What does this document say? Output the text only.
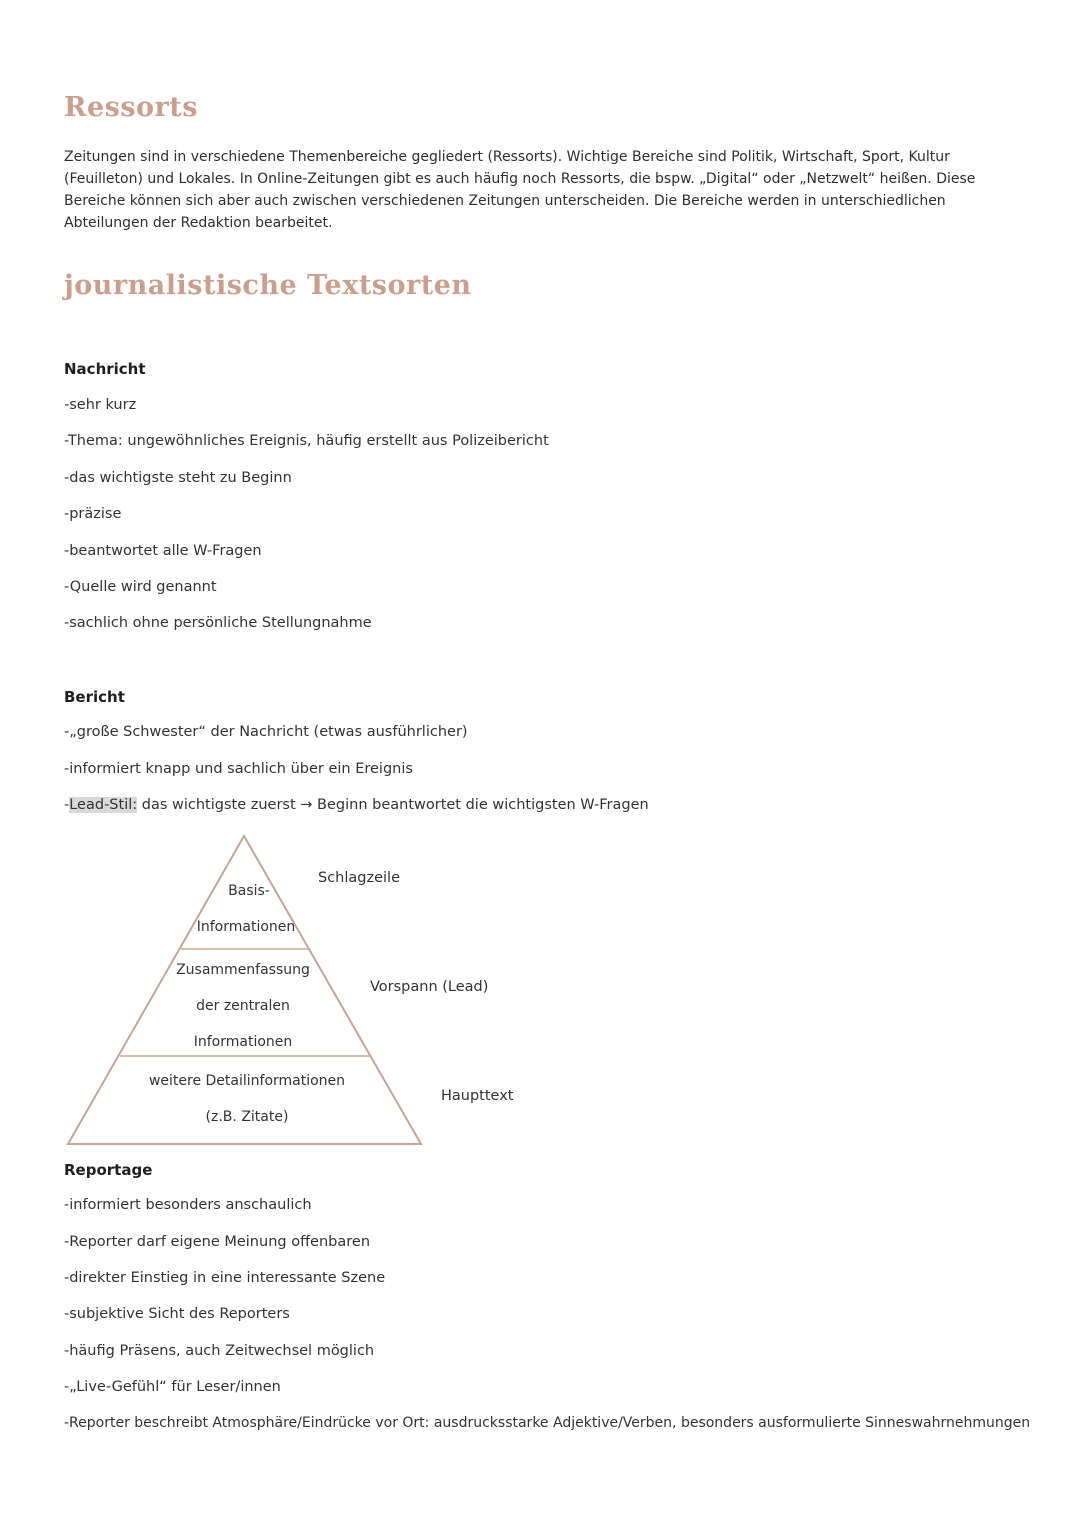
Ressorts
Zeitungen sind in verschiedene Themenbereiche gegliedert (Ressorts). Wichtige Bereiche sind Politik, Wirtschaft, Sport, Kultur (Feuilleton) und Lokales. In Online-Zeitungen gibt es auch häufig noch Ressorts, die bspw. „Digital“ oder „Netzwelt“ heißen. Diese Bereiche können sich aber auch zwischen verschiedenen Zeitungen unterscheiden. Die Bereiche werden in unterschiedlichen Abteilungen der Redaktion bearbeitet.
journalistische Textsorten
Nachricht
-sehr kurz
-Thema: ungewöhnliches Ereignis, häufig erstellt aus Polizeibericht
-das wichtigste steht zu Beginn
-präzise
-beantwortet alle W-Fragen
-Quelle wird genannt
-sachlich ohne persönliche Stellungnahme
Bericht
-„große Schwester“ der Nachricht (etwas ausführlicher)
-informiert knapp und sachlich über ein Ereignis
-Lead-Stil: das wichtigste zuerst → Beginn beantwortet die wichtigsten W-Fragen
Basis-
Informationen
Zusammenfassung
der zentralen
Informationen
weitere Detailinformationen
(z.B. Zitate)
Schlagzeile
Vorspann (Lead)
Haupttext
Reportage
-informiert besonders anschaulich
-Reporter darf eigene Meinung offenbaren
-direkter Einstieg in eine interessante Szene
-subjektive Sicht des Reporters
-häufig Präsens, auch Zeitwechsel möglich
-„Live-Gefühl“ für Leser/innen
-Reporter beschreibt Atmosphäre/Eindrücke vor Ort: ausdrucksstarke Adjektive/Verben, besonders ausformulierte Sinneswahrnehmungen
